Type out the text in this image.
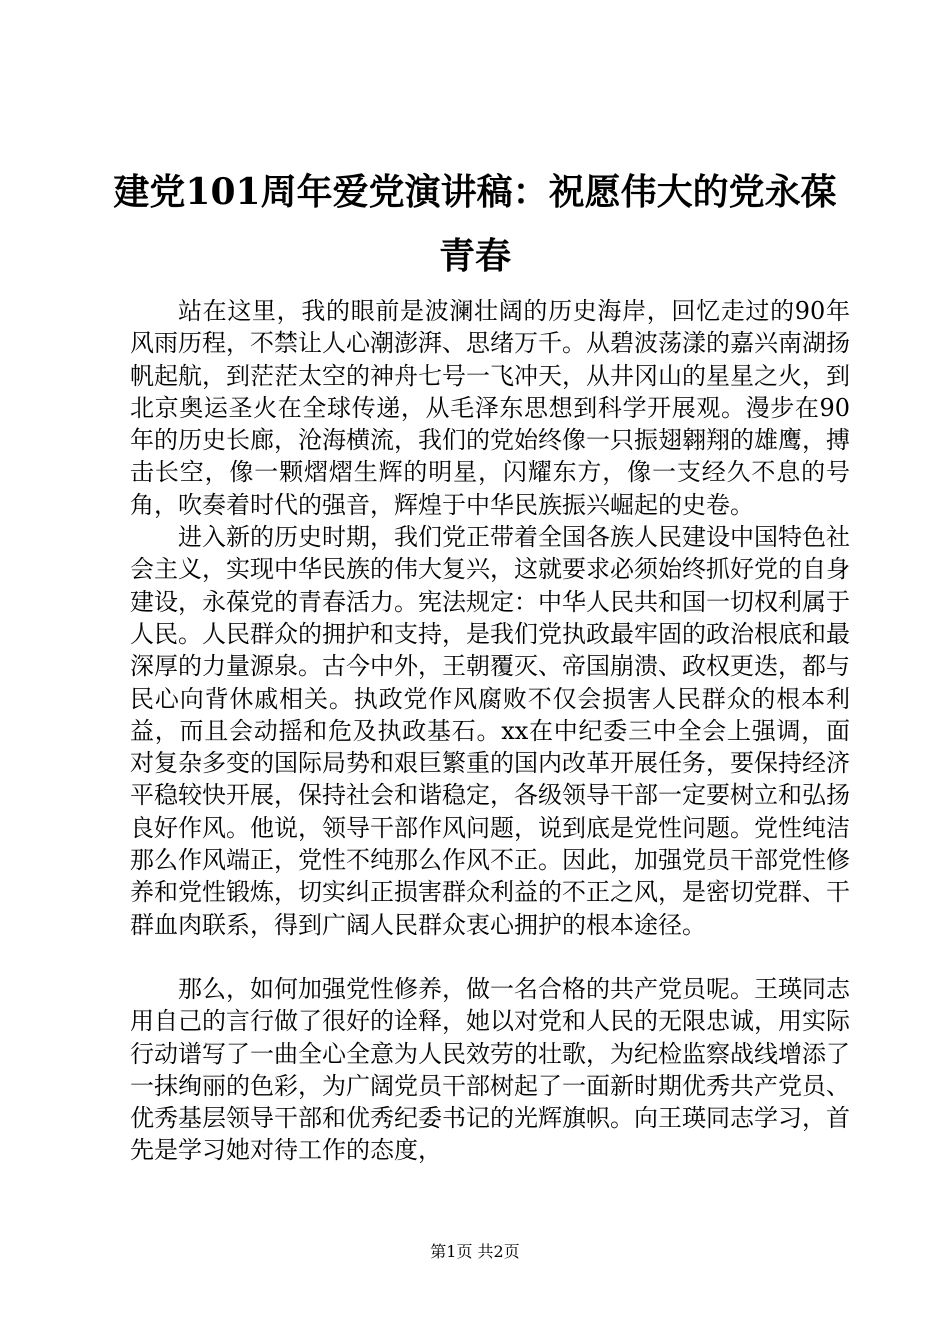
建党101周年爱党演讲稿：祝愿伟大的党永葆青春

站在这里，我的眼前是波澜壮阔的历史海岸，回忆走过的90年风雨历程，不禁让人心潮澎湃、思绪万千。从碧波荡漾的嘉兴南湖扬帆起航，到茫茫太空的神舟七号一飞冲天，从井冈山的星星之火，到北京奥运圣火在全球传递，从毛泽东思想到科学开展观。漫步在90年的历史长廊，沧海横流，我们的党始终像一只振翅翱翔的雄鹰，搏击长空，像一颗熠熠生辉的明星，闪耀东方，像一支经久不息的号角，吹奏着时代的强音，辉煌于中华民族振兴崛起的史卷。

进入新的历史时期，我们党正带着全国各族人民建设中国特色社会主义，实现中华民族的伟大复兴，这就要求必须始终抓好党的自身建设，永葆党的青春活力。宪法规定：中华人民共和国一切权利属于人民。人民群众的拥护和支持，是我们党执政最牢固的政治根底和最深厚的力量源泉。古今中外，王朝覆灭、帝国崩溃、政权更迭，都与民心向背休戚相关。执政党作风腐败不仅会损害人民群众的根本利益，而且会动摇和危及执政基石。xx在中纪委三中全会上强调，面对复杂多变的国际局势和艰巨繁重的国内改革开展任务，要保持经济平稳较快开展，保持社会和谐稳定，各级领导干部一定要树立和弘扬良好作风。他说，领导干部作风问题，说到底是党性问题。党性纯洁那么作风端正，党性不纯那么作风不正。因此，加强党员干部党性修养和党性锻炼，切实纠正损害群众利益的不正之风，是密切党群、干群血肉联系，得到广阔人民群众衷心拥护的根本途径。

那么，如何加强党性修养，做一名合格的共产党员呢。王瑛同志用自己的言行做了很好的诠释，她以对党和人民的无限忠诚，用实际行动谱写了一曲全心全意为人民效劳的壮歌，为纪检监察战线增添了一抹绚丽的色彩，为广阔党员干部树起了一面新时期优秀共产党员、优秀基层领导干部和优秀纪委书记的光辉旗帜。向王瑛同志学习，首先是学习她对待工作的态度，

第1页 共2页
